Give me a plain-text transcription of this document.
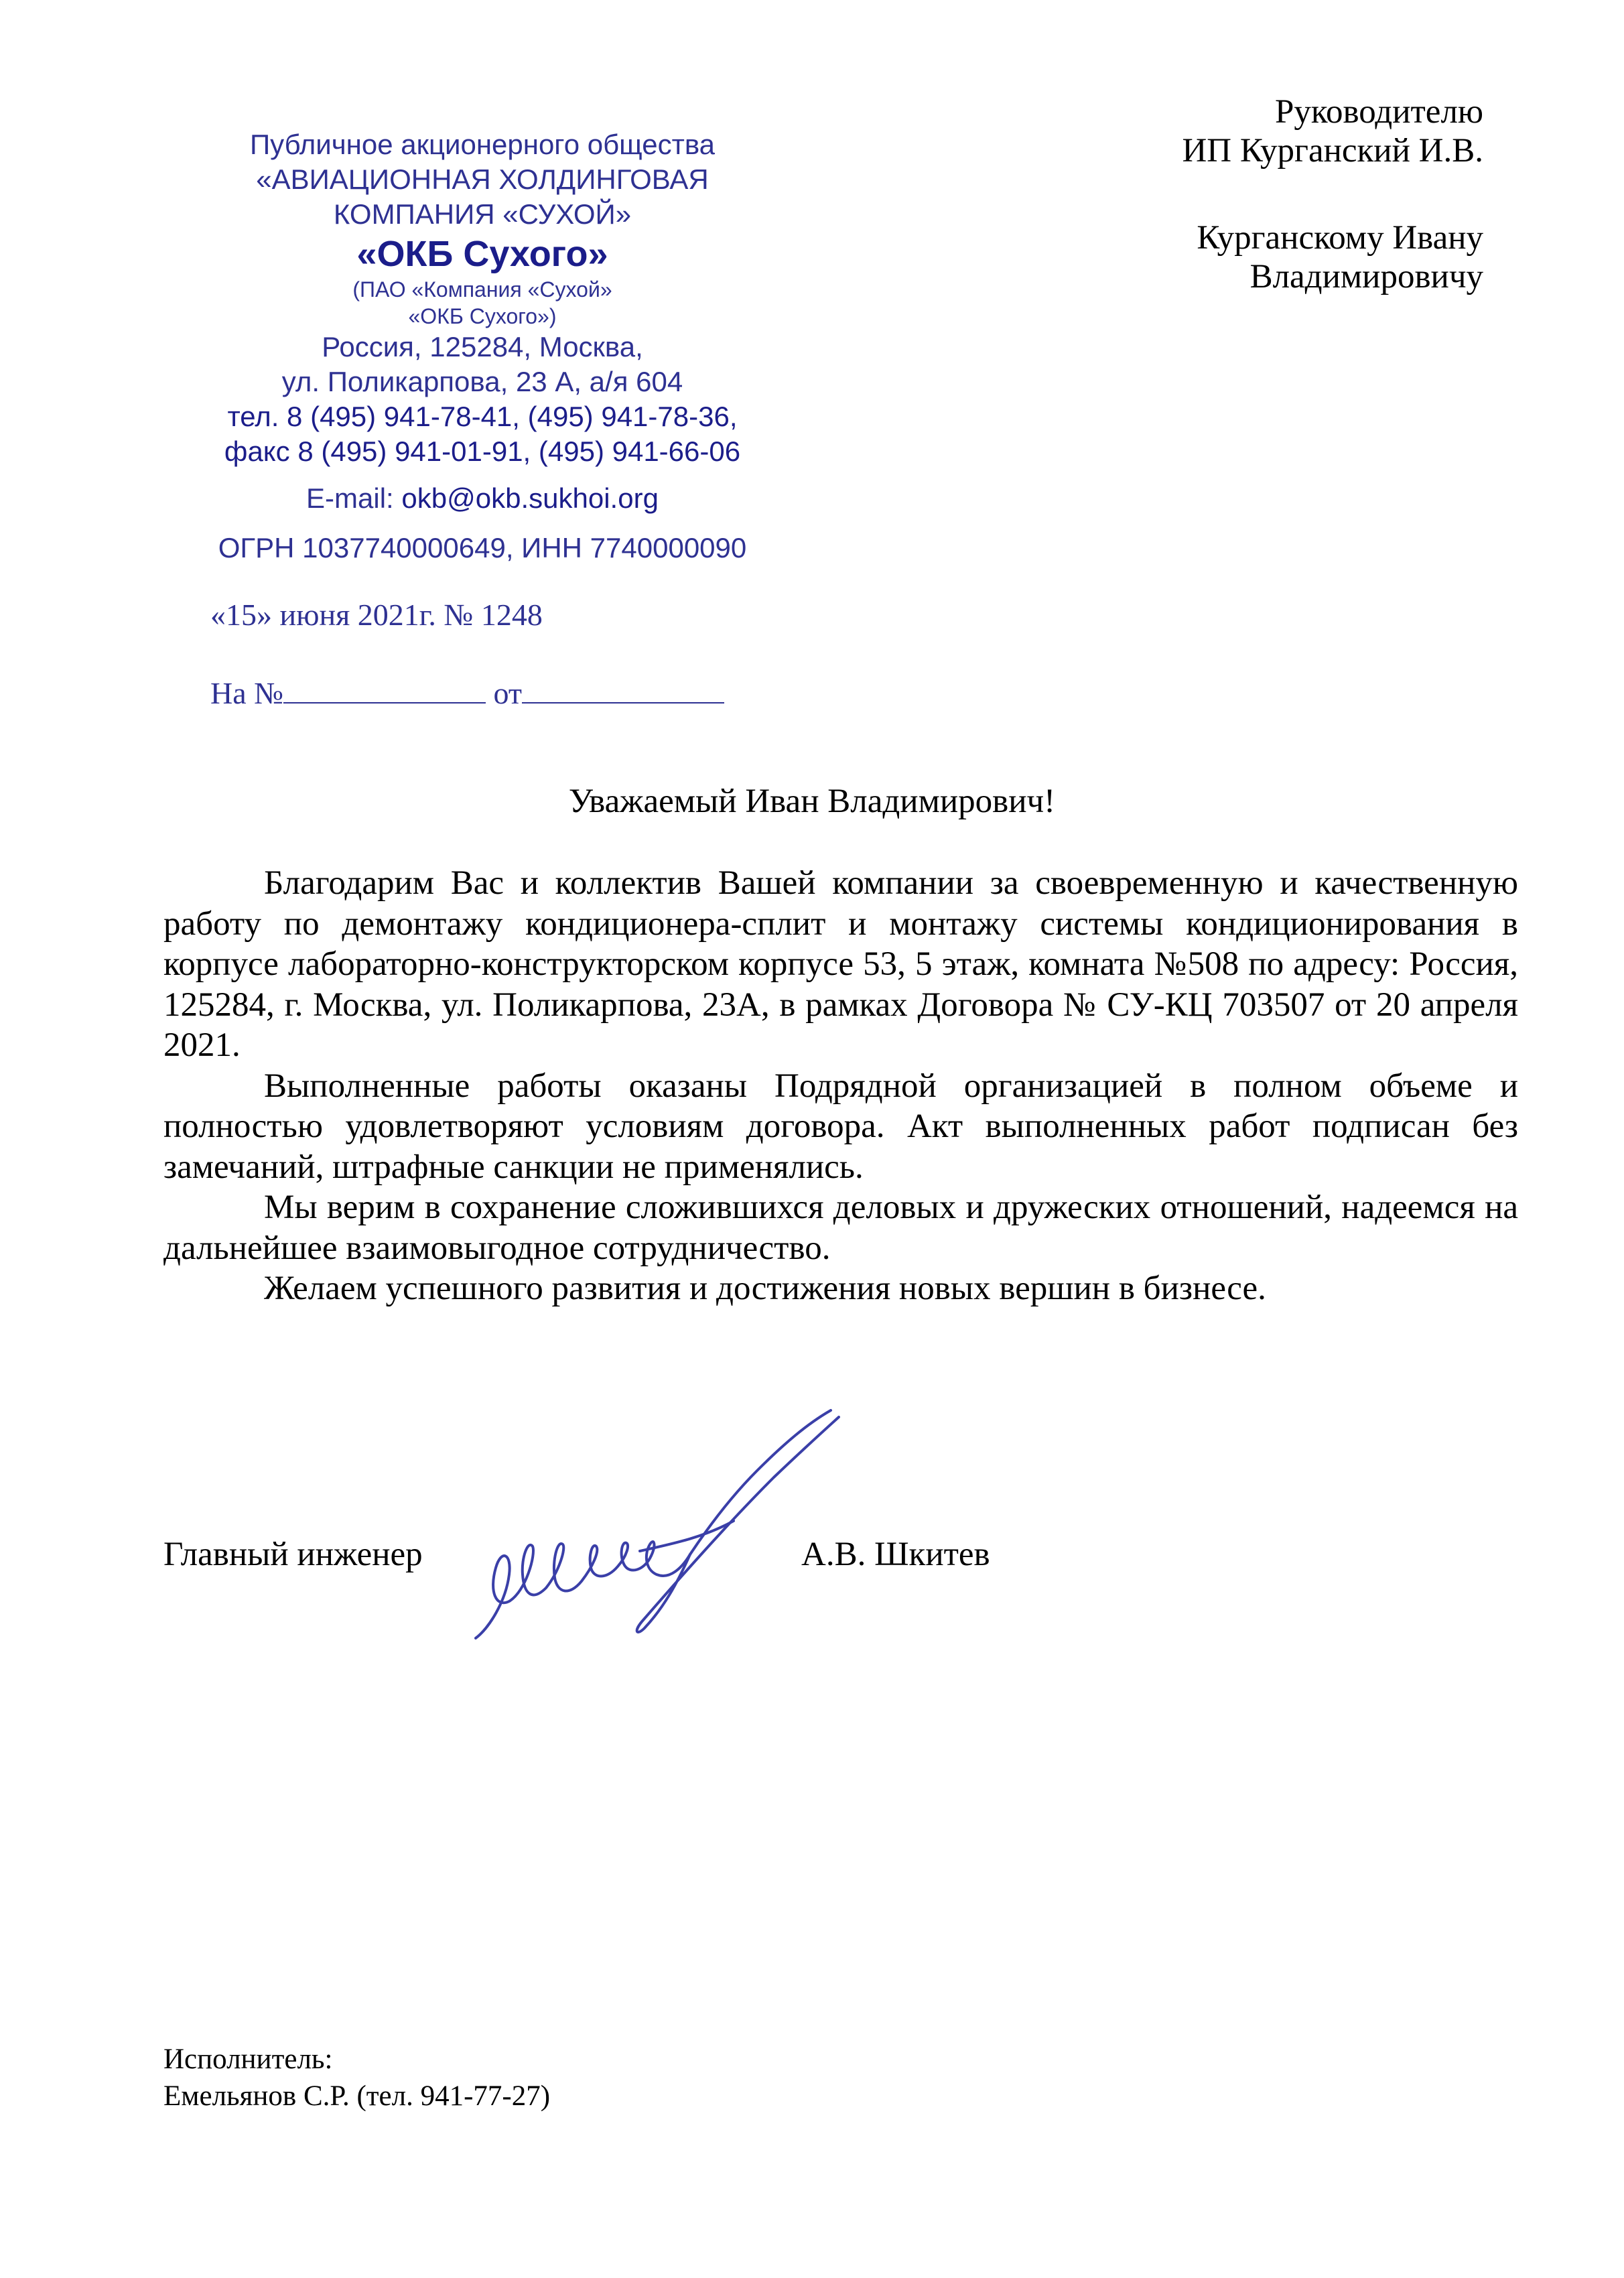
Публичное акционерного общества
«АВИАЦИОННАЯ ХОЛДИНГОВАЯ
КОМПАНИЯ «СУХОЙ»
«ОКБ Сухого»
(ПАО «Компания «Сухой»
«ОКБ Сухого»)
Россия, 125284, Москва,
ул. Поликарпова, 23 А, а/я 604
тел. 8 (495) 941-78-41, (495) 941-78-36,
факс 8 (495) 941-01-91, (495) 941-66-06
E-mail: okb@okb.sukhoi.org
ОГРН 1037740000649, ИНН 7740000090
Руководителю
ИП Курганский И.В.
Курганскому Ивану
Владимировичу
«15» июня 2021г. № 1248
На №	от
Уважаемый Иван Владимирович!

Благодарим Вас и коллектив Вашей компании за своевременную и качественную работу по демонтажу кондиционера-сплит и монтажу системы кондиционирования в корпусе лабораторно-конструкторском корпусе 53, 5 этаж, комната №508 по адресу: Россия, 125284, г. Москва, ул. Поликарпова, 23А, в рамках Договора № СУ-КЦ 703507 от 20 апреля 2021.

Выполненные работы оказаны Подрядной организацией в полном объеме и полностью удовлетворяют условиям договора. Акт выполненных работ подписан без замечаний, штрафные санкции не применялись.

Мы верим в сохранение сложившихся деловых и дружеских отношений, надеемся на дальнейшее взаимовыгодное сотрудничество.

Желаем успешного развития и достижения новых вершин в бизнесе.

Главный инженер	А.В. Шкитев
Исполнитель:
Емельянов С.Р. (тел. 941-77-27)
